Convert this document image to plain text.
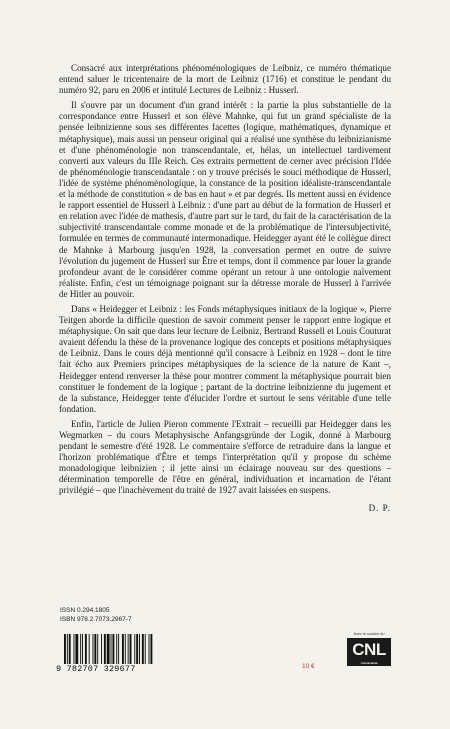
Consacré aux interprétations phénoménologiques de Leibniz, ce numéro thématique entend saluer le tricentenaire de la mort de Leibniz (1716) et constitue le pendant du numéro 92, paru en 2006 et intitulé Lectures de Leibniz : Husserl.

Il s'ouvre par un document d'un grand intérêt : la partie la plus substantielle de la correspondance entre Husserl et son élève Mahnke, qui fut un grand spécialiste de la pensée leibnizienne sous ses différentes facettes (logique, mathématiques, dynamique et métaphysique), mais aussi un penseur original qui a réalisé une synthèse du leibnizianisme et d'une phénoménologie non transcendantale, et, hélas, un intellectuel tardivement converti aux valeurs du IIIe Reich. Ces extraits permettent de cerner avec précision l'Idée de phénoménologie transcendantale : on y trouve précisés le souci méthodique de Husserl, l'idée de système phénoménologique, la constance de la position idéaliste-transcendantale et la méthode de constitution « de bas en haut » et par degrés. Ils mettent aussi en évidence le rapport essentiel de Husserl à Leibniz : d'une part au début de la formation de Husserl et en relation avec l'idée de mathesis, d'autre part sur le tard, du fait de la caractérisation de la subjectivité transcendantale comme monade et de la problématique de l'intersubjectivité, formulée en termes de communauté intermonadique. Heidegger ayant été le collègue direct de Mahnke à Marbourg jusqu'en 1928, la conversation permet en outre de suivre l'évolution du jugement de Husserl sur Être et temps, dont il commence par louer la grande profondeur avant de le considérer comme opérant un retour à une ontologie naïvement réaliste. Enfin, c'est un témoignage poignant sur la détresse morale de Husserl à l'arrivée de Hitler au pouvoir.

Dans « Heidegger et Leibniz : les Fonds métaphysiques initiaux de la logique », Pierre Teitgen aborde la difficile question de savoir comment penser le rapport entre logique et métaphysique. On sait que dans leur lecture de Leibniz, Bertrand Russell et Louis Couturat avaient défendu la thèse de la provenance logique des concepts et positions métaphysiques de Leibniz. Dans le cours déjà mentionné qu'il consacre à Leibniz en 1928 – dont le titre fait écho aux Premiers principes métaphysiques de la science de la nature de Kant –, Heidegger entend renverser la thèse pour montrer comment la métaphysique pourrait bien constituer le fondement de la logique ; partant de la doctrine leibnizienne du jugement et de la substance, Heidegger tente d'élucider l'ordre et surtout le sens véritable d'une telle fondation.

Enfin, l'article de Julien Pieron commente l'Extrait – recueilli par Heidegger dans les Wegmarken – du cours Metaphysische Anfangsgründe der Logik, donné à Marbourg pendant le semestre d'été 1928. Le commentaire s'efforce de retraduire dans la langue et l'horizon problématique d'Être et temps l'interprétation qu'il y propose du schème monadologique leibnizien ; il jette ainsi un éclairage nouveau sur des questions – détermination temporelle de l'être en général, individuation et incarnation de l'étant privilégié – que l'inachèvement du traité de 1927 avait laissées en suspens.

D. P.
ISSN 0.294.1805
ISBN 978.2.7073.2967-7
9 782707 329677	10 €
Avec le soutien du
CNL
Centre national du livre
